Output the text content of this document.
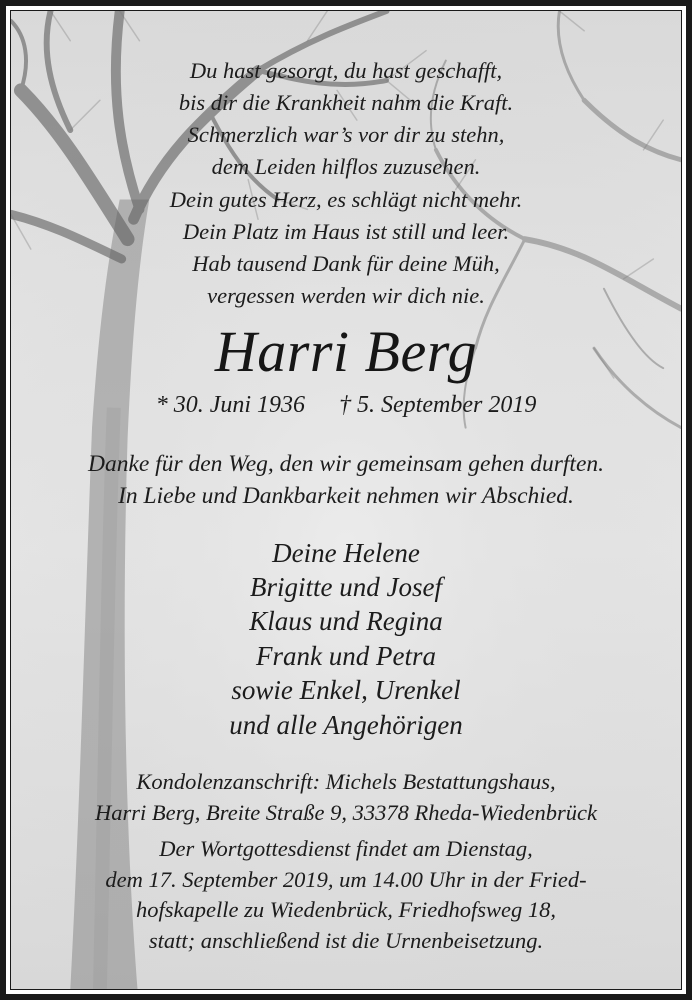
Du hast gesorgt, du hast geschafft,

bis dir die Krankheit nahm die Kraft.

Schmerzlich war’s vor dir zu stehn,

dem Leiden hilflos zuzusehen.

Dein gutes Herz, es schlägt nicht mehr.

Dein Platz im Haus ist still und leer.

Hab tausend Dank für deine Müh,

vergessen werden wir dich nie.

Harri Berg

* 30. Juni 1936 † 5. September 2019

Danke für den Weg, den wir gemeinsam gehen durften.

In Liebe und Dankbarkeit nehmen wir Abschied.

Deine Helene

Brigitte und Josef

Klaus und Regina

Frank und Petra

sowie Enkel, Urenkel

und alle Angehörigen

Kondolenzanschrift: Michels Bestattungshaus,

Harri Berg, Breite Straße 9, 33378 Rheda-Wiedenbrück

Der Wortgottesdienst findet am Dienstag,

dem 17. September 2019, um 14.00 Uhr in der Fried-

hofskapelle zu Wiedenbrück, Friedhofsweg 18,

statt; anschließend ist die Urnenbeisetzung.
